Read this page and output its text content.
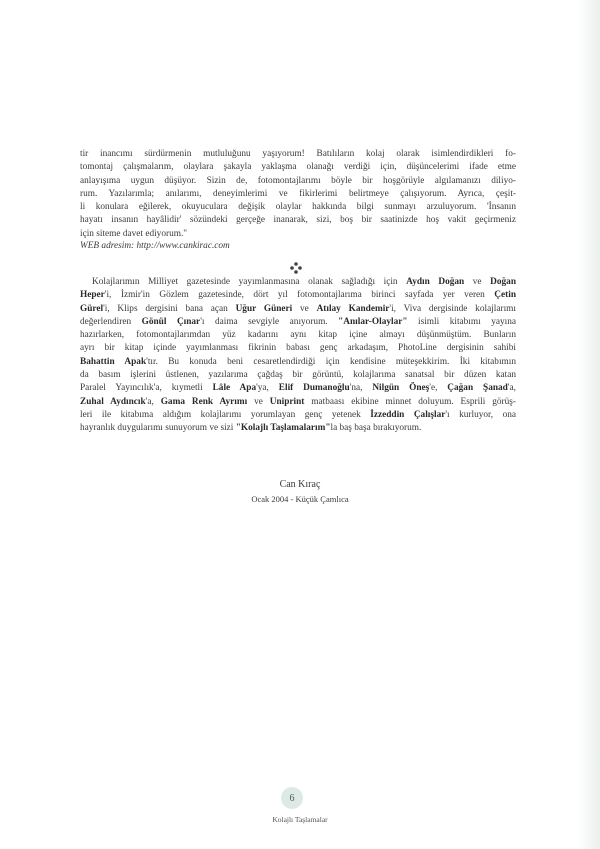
tir inancımı sürdürmenin mutluluğunu yaşıyorum! Batılıların kolaj olarak isimlendirdikleri fo-
tomontaj çalışmalarım, olaylara şakayla yaklaşma olanağı verdiği için, düşüncelerimi ifade etme
anlayışıma uygun düşüyor. Sizin de, fotomontajlarımı böyle bir hoşgörüyle algılamanızı diliyo-
rum. Yazılarımla; anılarımı, deneyimlerimi ve fikirlerimi belirtmeye çalışıyorum. Ayrıca, çeşit-
li konulara eğilerek, okuyuculara değişik olaylar hakkında bilgi sunmayı arzuluyorum. 'İnsanın
hayatı insanın hayâlidir' sözündeki gerçeğe inanarak, sizi, boş bir saatinizde hoş vakit geçirmeniz
için siteme davet ediyorum."
WEB adresim: http://www.cankirac.com
Kolajlarımın Milliyet gazetesinde yayımlanmasına olanak sağladığı için Aydın Doğan ve Doğan
Heper'i, İzmir'in Gözlem gazetesinde, dört yıl fotomontajlarıma birinci sayfada yer veren Çetin
Gürel'i, Klips dergisini bana açan Uğur Güneri ve Atılay Kandemir'i, Viva dergisinde kolajlarımı
değerlendiren Gönül Çınar'ı daima sevgiyle anıyorum. "Anılar-Olaylar" isimli kitabımı yayına
hazırlarken, fotomontajlarımdan yüz kadarını aynı kitap içine almayı düşünmüştüm. Bunların
ayrı bir kitap içinde yayımlanması fikrinin babası genç arkadaşım, PhotoLine dergisinin sahibi
Bahattin Apak'tır. Bu konuda beni cesaretlendirdiği için kendisine müteşekkirim. İki kitabımın
da basım işlerini üstlenen, yazılarıma çağdaş bir görüntü, kolajlarıma sanatsal bir düzen katan
Paralel Yayıncılık'a, kıymetli Lâle Apa'ya, Elif Dumanoğlu'na, Nilgün Öneş'e, Çağan Şanad'a,
Zuhal Aydıncık'a, Gama Renk Ayrımı ve Uniprint matbaası ekibine minnet doluyum. Esprili görüş-
leri ile kitabıma aldığım kolajlarımı yorumlayan genç yetenek İzzeddin Çalışlar'ı kurluyor, ona
hayranlık duygularımı sunuyorum ve sizi "Kolajlı Taşlamalarım"la baş başa bırakıyorum.
Can Kıraç
Ocak 2004 - Küçük Çamlıca
6
Kolajlı Taşlamalar
